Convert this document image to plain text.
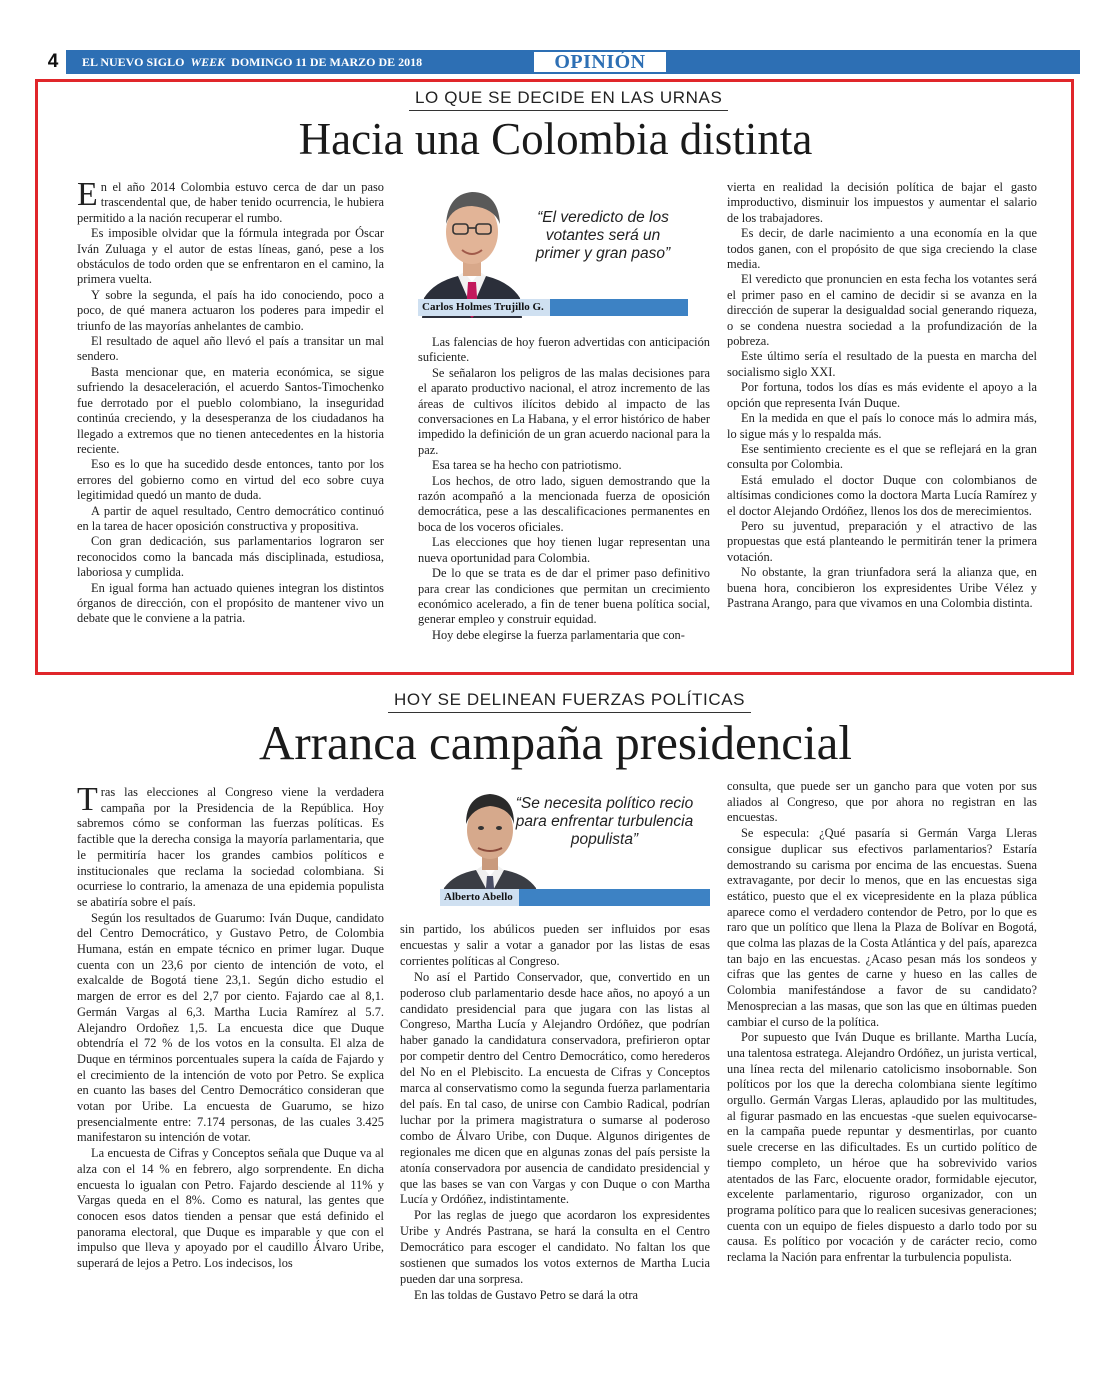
4	EL NUEVO SIGLO WEEK DOMINGO 11 DE MARZO DE 2018	OPINIÓN
LO QUE SE DECIDE EN LAS URNAS
Hacia una Colombia distinta

En el año 2014 Colombia estuvo cerca de dar un paso trascendental que, de haber tenido ocurrencia, le hubiera permitido a la nación recuperar el rumbo.

Es imposible olvidar que la fórmula integrada por Óscar Iván Zuluaga y el autor de estas líneas, ganó, pese a los obstáculos de todo orden que se enfrentaron en el camino, la primera vuelta.

Y sobre la segunda, el país ha ido conociendo, poco a poco, de qué manera actuaron los poderes para impedir el triunfo de las mayorías anhelantes de cambio.

El resultado de aquel año llevó el país a transitar un mal sendero.

Basta mencionar que, en materia económica, se sigue sufriendo la desaceleración, el acuerdo Santos-Timochenko fue derrotado por el pueblo colombiano, la inseguridad continúa creciendo, y la desesperanza de los ciudadanos ha llegado a extremos que no tienen antecedentes en la historia reciente.

Eso es lo que ha sucedido desde entonces, tanto por los errores del gobierno como en virtud del eco sobre cuya legitimidad quedó un manto de duda.

A partir de aquel resultado, Centro democrático continuó en la tarea de hacer oposición constructiva y propositiva.

Con gran dedicación, sus parlamentarios lograron ser reconocidos como la bancada más disciplinada, estudiosa, laboriosa y cumplida.

En igual forma han actuado quienes integran los distintos órganos de dirección, con el propósito de mantener vivo un debate que le conviene a la patria.

“El veredicto de los votantes será un primer y gran paso”
Carlos Holmes Trujillo G.

Las falencias de hoy fueron advertidas con anticipación suficiente.

Se señalaron los peligros de las malas decisiones para el aparato productivo nacional, el atroz incremento de las áreas de cultivos ilícitos debido al impacto de las conversaciones en La Habana, y el error histórico de haber impedido la definición de un gran acuerdo nacional para la paz.

Esa tarea se ha hecho con patriotismo.

Los hechos, de otro lado, siguen demostrando que la razón acompañó a la mencionada fuerza de oposición democrática, pese a las descalificaciones permanentes en boca de los voceros oficiales.

Las elecciones que hoy tienen lugar representan una nueva oportunidad para Colombia.

De lo que se trata es de dar el primer paso definitivo para crear las condiciones que permitan un crecimiento económico acelerado, a fin de tener buena política social, generar empleo y construir equidad.

Hoy debe elegirse la fuerza parlamentaria que con-

vierta en realidad la decisión política de bajar el gasto improductivo, disminuir los impuestos y aumentar el salario de los trabajadores.

Es decir, de darle nacimiento a una economía en la que todos ganen, con el propósito de que siga creciendo la clase media.

El veredicto que pronuncien en esta fecha los votantes será el primer paso en el camino de decidir si se avanza en la dirección de superar la desigualdad social generando riqueza, o se condena nuestra sociedad a la profundización de la pobreza.

Este último sería el resultado de la puesta en marcha del socialismo siglo XXI.

Por fortuna, todos los días es más evidente el apoyo a la opción que representa Iván Duque.

En la medida en que el país lo conoce más lo admira más, lo sigue más y lo respalda más.

Ese sentimiento creciente es el que se reflejará en la gran consulta por Colombia.

Está emulado el doctor Duque con colombianos de altísimas condiciones como la doctora Marta Lucía Ramírez y el doctor Alejando Ordóñez, llenos los dos de merecimientos.

Pero su juventud, preparación y el atractivo de las propuestas que está planteando le permitirán tener la primera votación.

No obstante, la gran triunfadora será la alianza que, en buena hora, concibieron los expresidentes Uribe Vélez y Pastrana Arango, para que vivamos en una Colombia distinta.

HOY SE DELINEAN FUERZAS POLÍTICAS
Arranca campaña presidencial

Tras las elecciones al Congreso viene la verdadera campaña por la Presidencia de la República. Hoy sabremos cómo se conforman las fuerzas políticas. Es factible que la derecha consiga la mayoría parlamentaria, que le permitiría hacer los grandes cambios políticos e institucionales que reclama la sociedad colombiana. Si ocurriese lo contrario, la amenaza de una epidemia populista se abatiría sobre el país.

Según los resultados de Guarumo: Iván Duque, candidato del Centro Democrático, y Gustavo Petro, de Colombia Humana, están en empate técnico en primer lugar. Duque cuenta con un 23,6 por ciento de intención de voto, el exalcalde de Bogotá tiene 23,1. Según dicho estudio el margen de error es del 2,7 por ciento. Fajardo cae al 8,1. Germán Vargas al 6,3. Martha Lucia Ramírez al 5.7. Alejandro Ordoñez 1,5. La encuesta dice que Duque obtendría el 72 % de los votos en la consulta. El alza de Duque en términos porcentuales supera la caída de Fajardo y el crecimiento de la intención de voto por Petro. Se explica en cuanto las bases del Centro Democrático consideran que votan por Uribe. La encuesta de Guarumo, se hizo presencialmente entre: 7.174 personas, de las cuales 3.425 manifestaron su intención de votar.

La encuesta de Cifras y Conceptos señala que Duque va al alza con el 14 % en febrero, algo sorprendente. En dicha encuesta lo igualan con Petro. Fajardo desciende al 11% y Vargas queda en el 8%. Como es natural, las gentes que conocen esos datos tienden a pensar que está definido el panorama electoral, que Duque es imparable y que con el impulso que lleva y apoyado por el caudillo Álvaro Uribe, superará de lejos a Petro. Los indecisos, los

“Se necesita político recio para enfrentar turbulencia populista”
Alberto Abello

sin partido, los abúlicos pueden ser influidos por esas encuestas y salir a votar a ganador por las listas de esas corrientes políticas al Congreso.

No así el Partido Conservador, que, convertido en un poderoso club parlamentario desde hace años, no apoyó a un candidato presidencial para que jugara con las listas al Congreso, Martha Lucía y Alejandro Ordóñez, que podrían haber ganado la candidatura conservadora, prefirieron optar por competir dentro del Centro Democrático, como herederos del No en el Plebiscito. La encuesta de Cifras y Conceptos marca al conservatismo como la segunda fuerza parlamentaria del país. En tal caso, de unirse con Cambio Radical, podrían luchar por la primera magistratura o sumarse al poderoso combo de Álvaro Uribe, con Duque. Algunos dirigentes de regionales me dicen que en algunas zonas del país persiste la atonía conservadora por ausencia de candidato presidencial y que las bases se van con Vargas y con Duque o con Martha Lucía y Ordóñez, indistintamente.

Por las reglas de juego que acordaron los expresidentes Uribe y Andrés Pastrana, se hará la consulta en el Centro Democrático para escoger el candidato. No faltan los que sostienen que sumados los votos externos de Martha Lucia pueden dar una sorpresa.

En las toldas de Gustavo Petro se dará la otra

consulta, que puede ser un gancho para que voten por sus aliados al Congreso, que por ahora no registran en las encuestas.

Se especula: ¿Qué pasaría si Germán Varga Lleras consigue duplicar sus efectivos parlamentarios? Estaría demostrando su carisma por encima de las encuestas. Suena extravagante, por decir lo menos, que en las encuestas siga estático, puesto que el ex vicepresidente en la plaza pública aparece como el verdadero contendor de Petro, por lo que es raro que un político que llena la Plaza de Bolívar en Bogotá, que colma las plazas de la Costa Atlántica y del país, aparezca tan bajo en las encuestas. ¿Acaso pesan más los sondeos y cifras que las gentes de carne y hueso en las calles de Colombia manifestándose a favor de su candidato? Menosprecian a las masas, que son las que en últimas pueden cambiar el curso de la política.

Por supuesto que Iván Duque es brillante. Martha Lucía, una talentosa estratega. Alejandro Ordóñez, un jurista vertical, una línea recta del milenario catolicismo insobornable. Son políticos por los que la derecha colombiana siente legítimo orgullo. Germán Vargas Lleras, aplaudido por las multitudes, al figurar pasmado en las encuestas -que suelen equivocarse- en la campaña puede repuntar y desmentirlas, por cuanto suele crecerse en las dificultades. Es un curtido político de tiempo completo, un héroe que ha sobrevivido varios atentados de las Farc, elocuente orador, formidable ejecutor, excelente parlamentario, riguroso organizador, con un programa político para que lo realicen sucesivas generaciones; cuenta con un equipo de fieles dispuesto a darlo todo por su causa. Es político por vocación y de carácter recio, como reclama la Nación para enfrentar la turbulencia populista.
